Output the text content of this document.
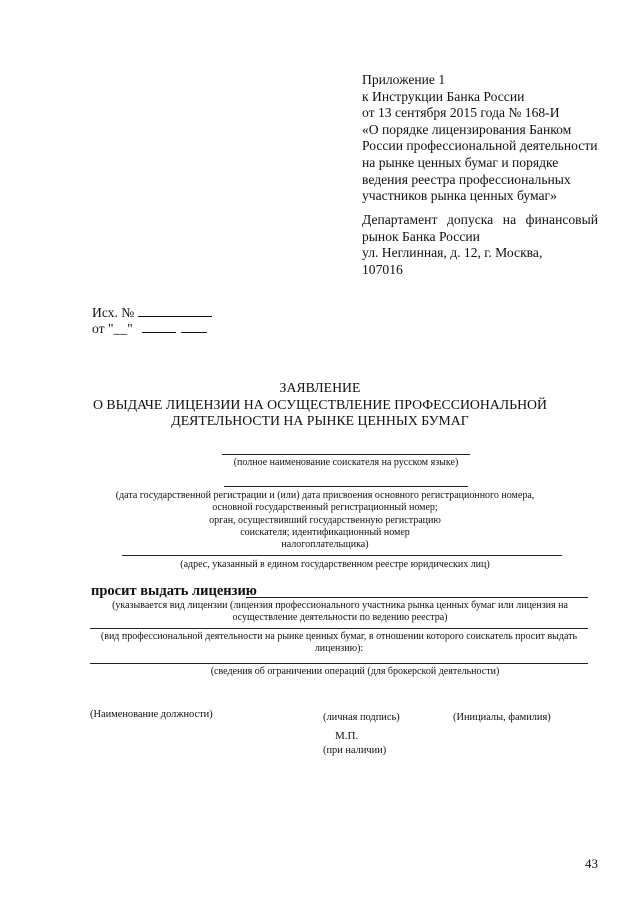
Приложение 1
к Инструкции Банка России
от 13 сентября 2015 года № 168-И
«О порядке лицензирования Банком
России профессиональной деятельности
на рынке ценных бумаг и порядке
ведения реестра профессиональных
участников рынка ценных бумаг»
Департамент допуска на финансовый
рынок Банка России
ул. Неглинная, д. 12, г. Москва,
107016
Исх. №
от "__"
ЗАЯВЛЕНИЕ
О ВЫДАЧЕ ЛИЦЕНЗИИ НА ОСУЩЕСТВЛЕНИЕ ПРОФЕССИОНАЛЬНОЙ
ДЕЯТЕЛЬНОСТИ НА РЫНКЕ ЦЕННЫХ БУМАГ
(полное наименование соискателя на русском языке)
(дата государственной регистрации и (или) дата присвоения основного регистрационного номера,
основной государственный регистрационный номер;
орган, осуществивший государственную регистрацию
соискателя; идентификационный номер
налогоплательщика)
(адрес, указанный в едином государственном реестре юридических лиц)
просит выдать лицензию
(указывается вид лицензии (лицензия профессионального участника рынка ценных бумаг или лицензия на
осуществление деятельности по ведению реестра)
(вид профессиональной деятельности на рынке ценных бумаг, в отношении которого соискатель просит выдать
лицензию):
(сведения об ограничении операций (для брокерской деятельности)
(Наименование должности)	(личная подпись)	(Инициалы, фамилия)
М.П.
(при наличии)
43
